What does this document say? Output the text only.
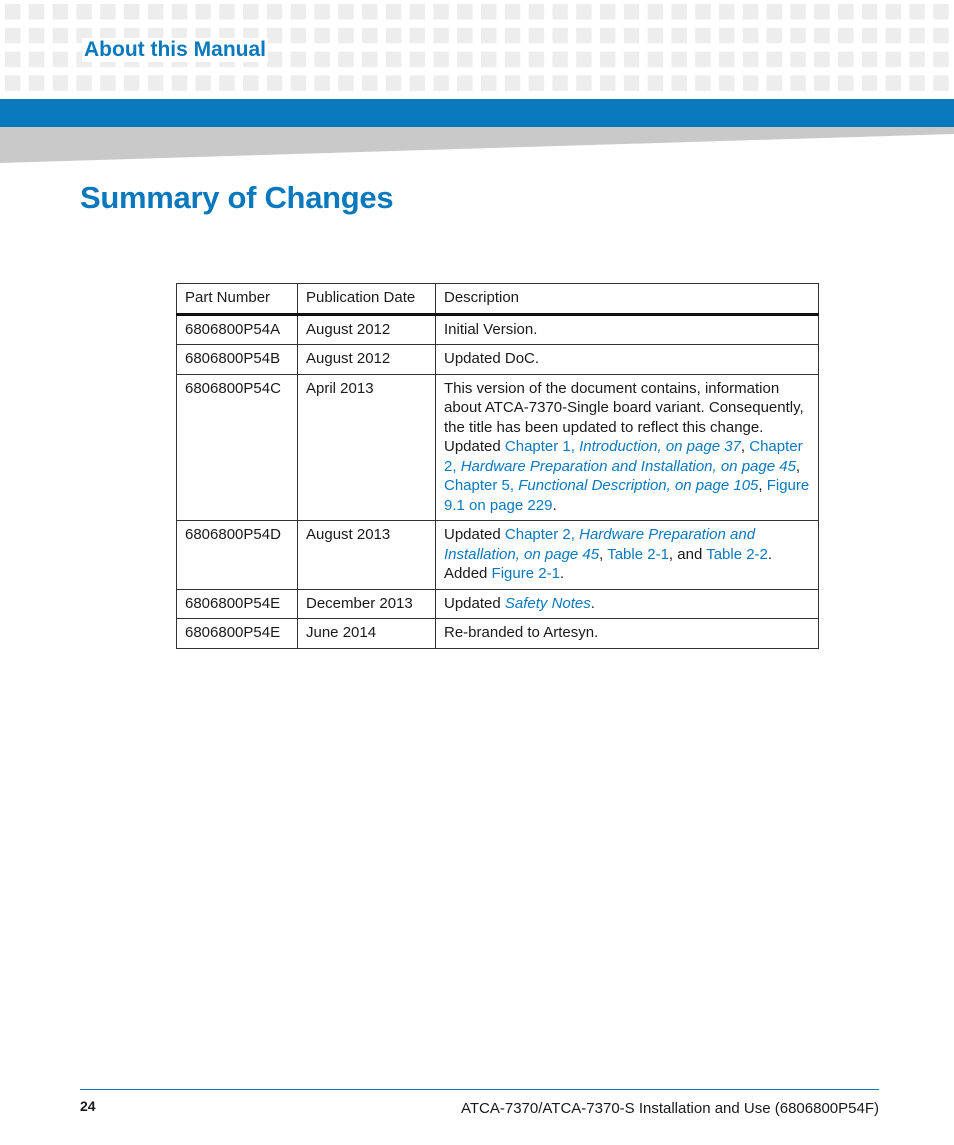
About this Manual
Summary of Changes
Part Number	Publication Date	Description
6806800P54A	August 2012	Initial Version.
6806800P54B	August 2012	Updated DoC.
6806800P54C	April 2013	This version of the document contains, information about ATCA-7370-Single board variant. Consequently, the title has been updated to reflect this change. Updated Chapter 1, Introduction, on page 37, Chapter 2, Hardware Preparation and Installation, on page 45, Chapter 5, Functional Description, on page 105, Figure 9.1 on page 229.
6806800P54D	August 2013	Updated Chapter 2, Hardware Preparation and Installation, on page 45, Table 2-1, and Table 2-2. Added Figure 2-1.
6806800P54E	December 2013	Updated Safety Notes.
6806800P54E	June 2014	Re-branded to Artesyn.
24	ATCA-7370/ATCA-7370-S Installation and Use (6806800P54F)
